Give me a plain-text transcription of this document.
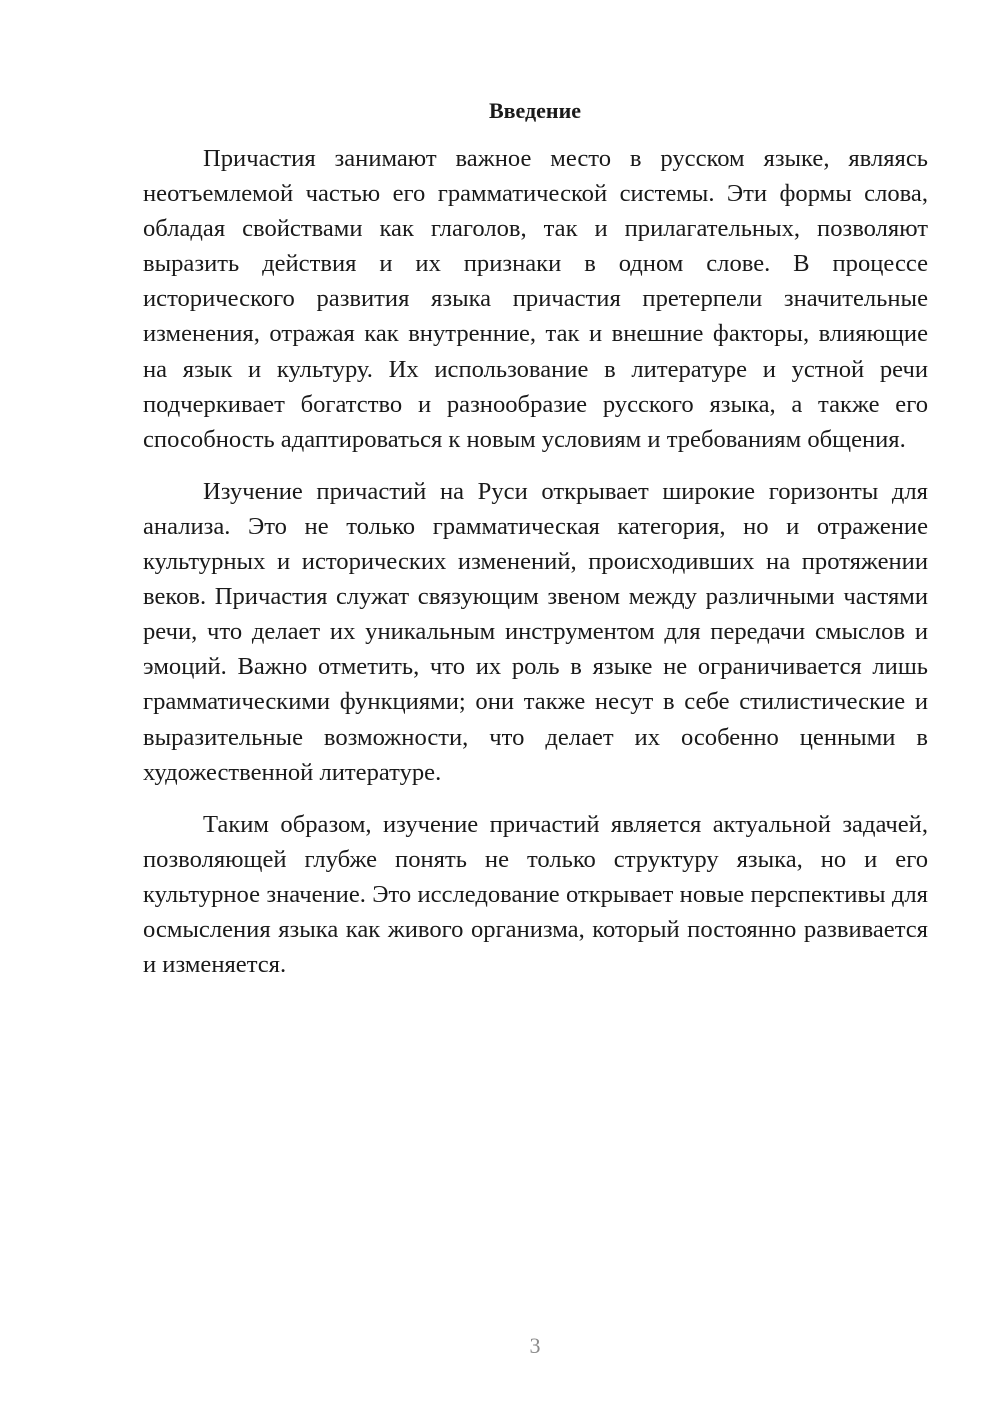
Введение

Причастия занимают важное место в русском языке, являясь неотъемлемой частью его грамматической системы. Эти формы слова, обладая свойствами как глаголов, так и прилагательных, позволяют выразить действия и их признаки в одном слове. В процессе исторического развития языка причастия претерпели значительные изменения, отражая как внутренние, так и внешние факторы, влияющие на язык и культуру. Их использование в литературе и устной речи подчеркивает богатство и разнообразие русского языка, а также его способность адаптироваться к новым условиям и требованиям общения.

Изучение причастий на Руси открывает широкие горизонты для анализа. Это не только грамматическая категория, но и отражение культурных и исторических изменений, происходивших на протяжении веков. Причастия служат связующим звеном между различными частями речи, что делает их уникальным инструментом для передачи смыслов и эмоций. Важно отметить, что их роль в языке не ограничивается лишь грамматическими функциями; они также несут в себе стилистические и выразительные возможности, что делает их особенно ценными в художественной литературе.

Таким образом, изучение причастий является актуальной задачей, позволяющей глубже понять не только структуру языка, но и его культурное значение. Это исследование открывает новые перспективы для осмысления языка как живого организма, который постоянно развивается и изменяется.

3
